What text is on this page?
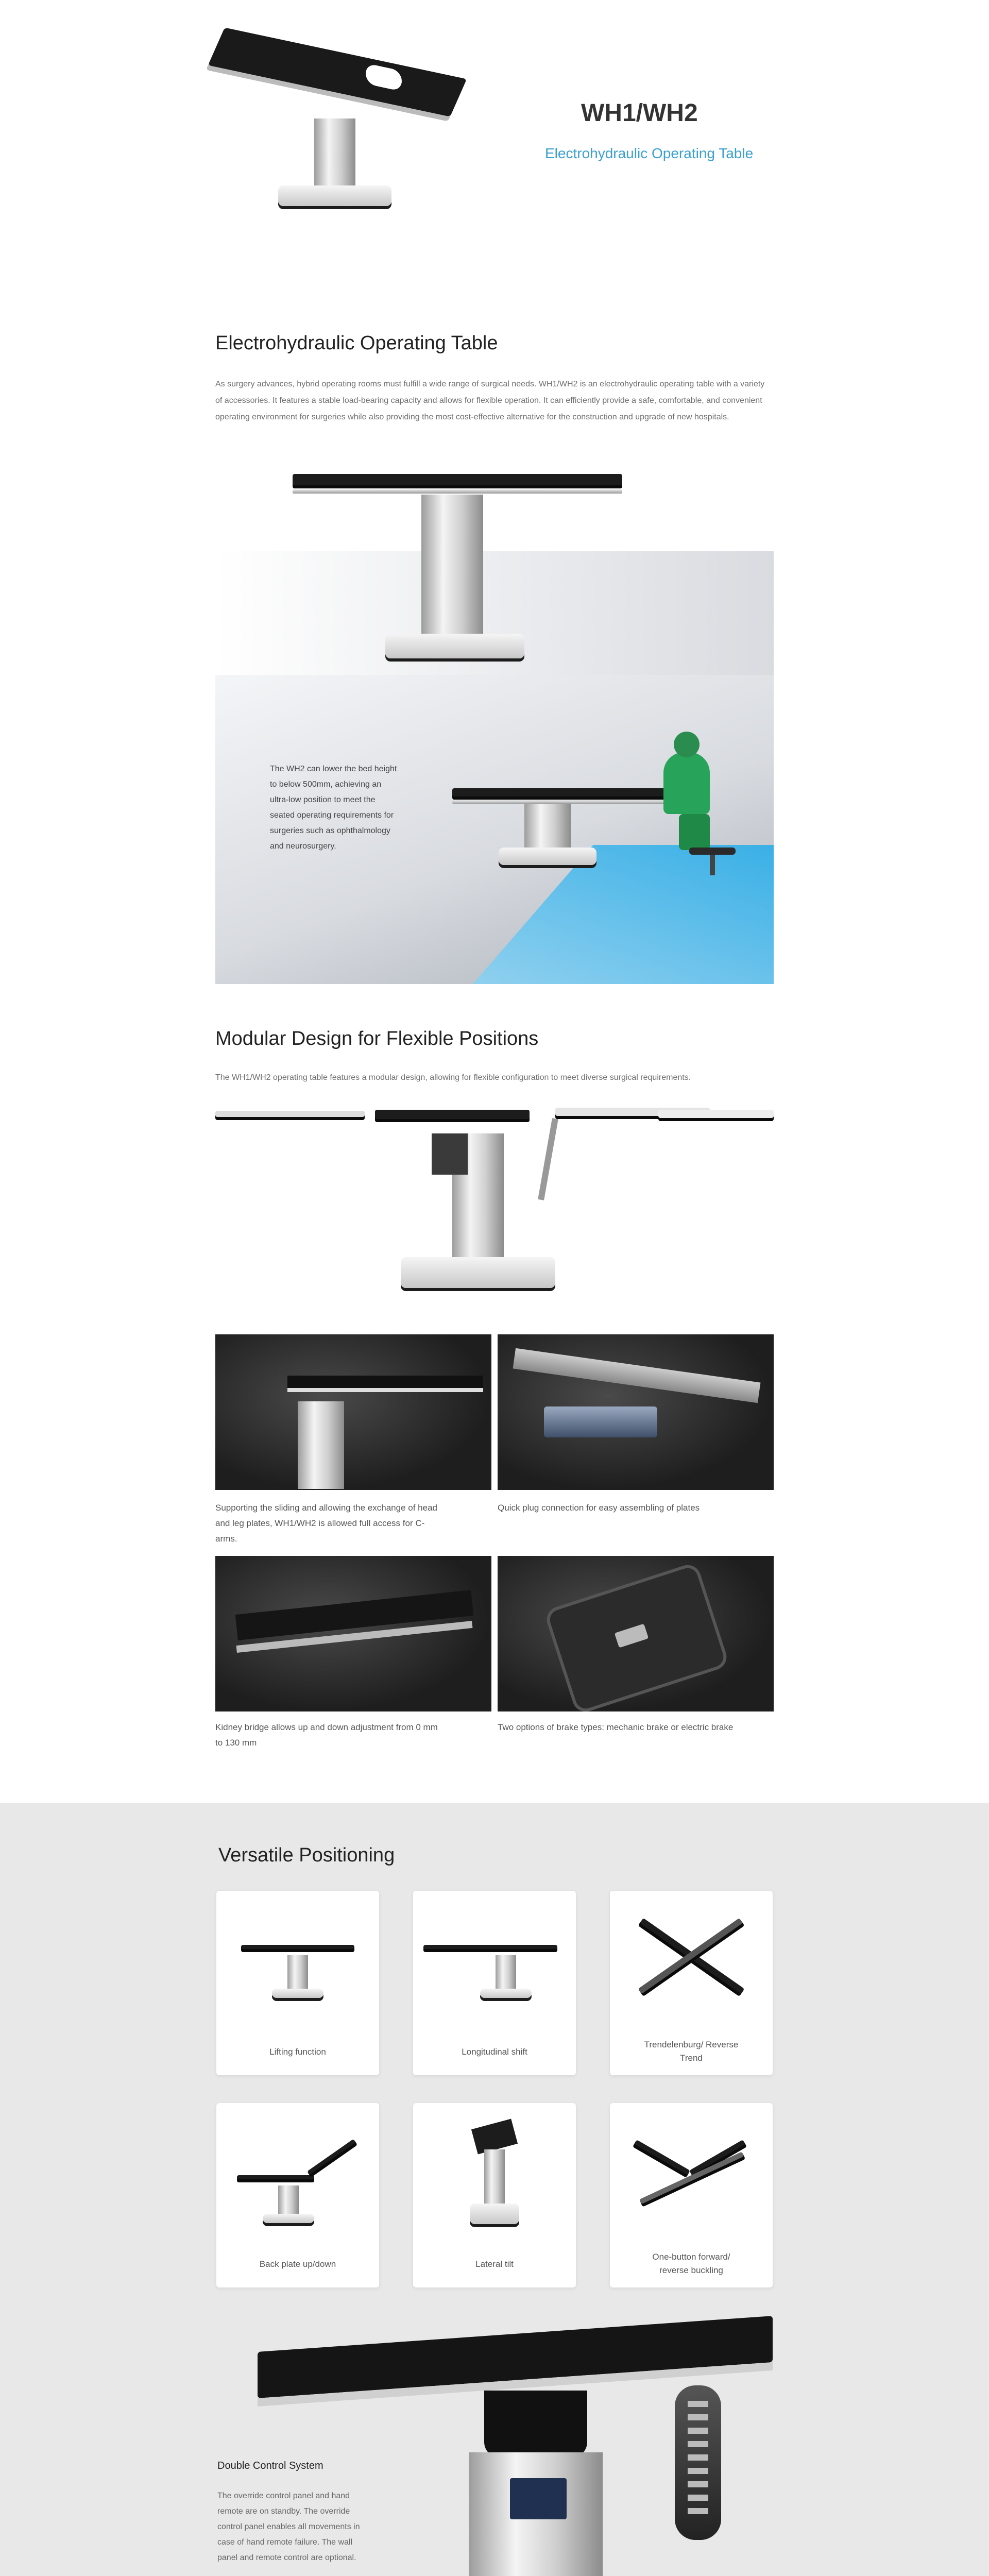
WH1/WH2
Electrohydraulic Operating Table
Electrohydraulic Operating Table
As surgery advances, hybrid operating rooms must fulfill a wide range of surgical needs. WH1/WH2 is an electrohydraulic operating table with a variety of accessories. It features a stable load-bearing capacity and allows for flexible operation. It can efficiently provide a safe, comfortable, and convenient operating environment for surgeries while also providing the most cost-effective alternative for the construction and upgrade of new hospitals.
The WH2 can lower the bed height to below 500mm, achieving an ultra-low position to meet the seated operating requirements for surgeries such as ophthalmology and neurosurgery.
Modular Design for Flexible Positions
The WH1/WH2 operating table features a modular design, allowing for flexible configuration to meet diverse surgical requirements.
Supporting the sliding and allowing the exchange of head and leg plates, WH1/WH2 is allowed full access for C-arms.
Quick plug connection for easy assembling of plates
Kidney bridge allows up and down adjustment from 0 mm to 130 mm
Two options of brake types: mechanic brake or electric brake
Versatile Positioning
Lifting function	Longitudinal shift
Trendelenburg/ Reverse Trend
Back plate up/down	Lateral tilt
One-button forward/ reverse buckling
Double Control System
The override control panel and hand remote are on standby. The override control panel enables all movements in case of hand remote failure. The wall panel and remote control are optional.
